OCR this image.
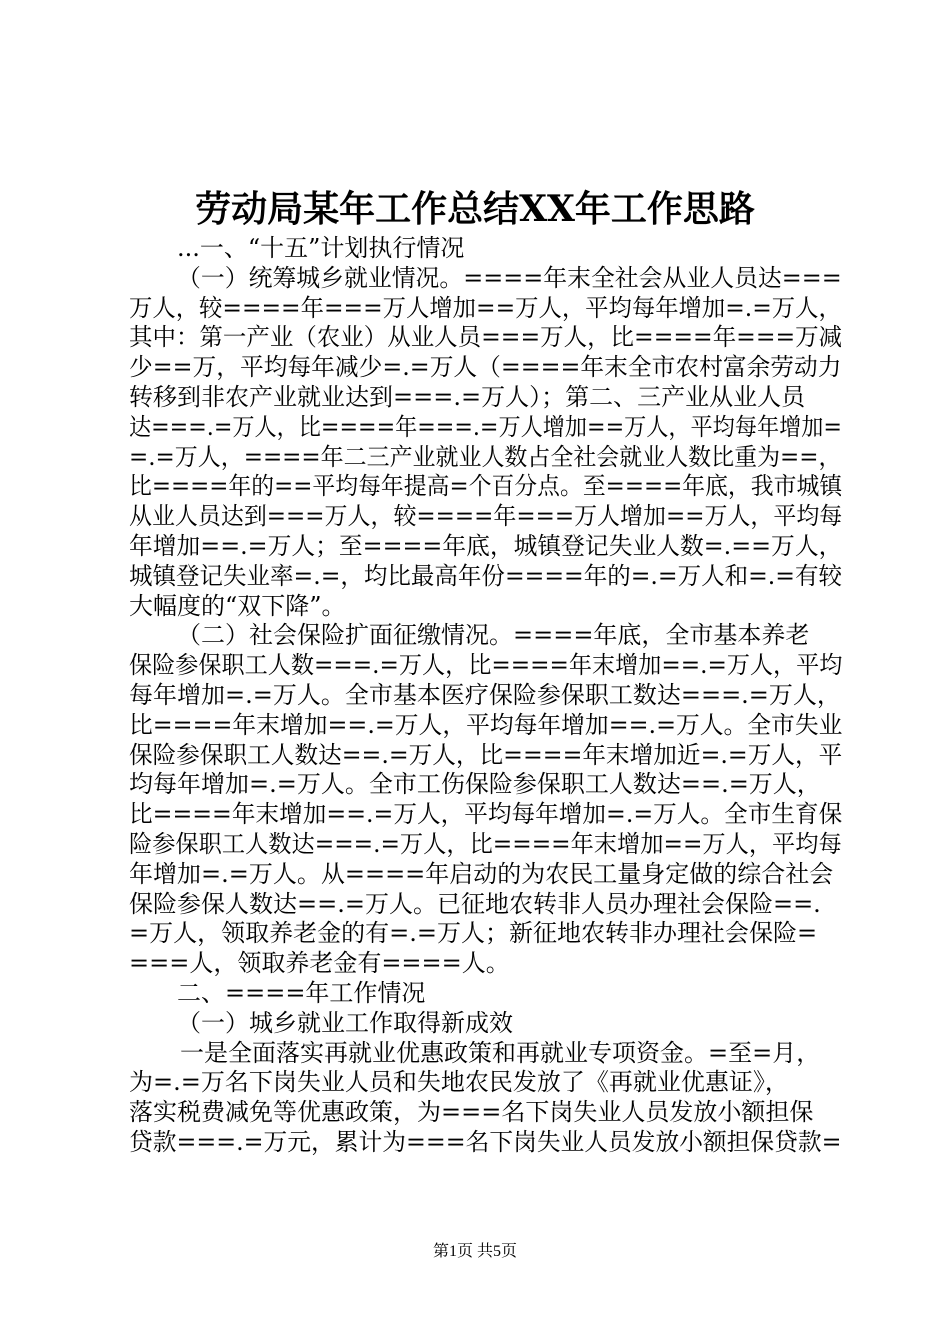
劳动局某年工作总结XX年工作思路
...一、“十五”计划执行情况
（一）统筹城乡就业情况。====年末全社会从业人员达===
万人，较====年===万人增加==万人，平均每年增加=.=万人，
其中：第一产业（农业）从业人员===万人，比====年===万减
少==万，平均每年减少=.=万人（====年末全市农村富余劳动力
转移到非农产业就业达到===.=万人）；第二、三产业从业人员
达===.=万人，比====年===.=万人增加==万人，平均每年增加=
=.=万人，====年二三产业就业人数占全社会就业人数比重为==，
比====年的==平均每年提高=个百分点。至====年底，我市城镇
从业人员达到===万人，较====年===万人增加==万人，平均每
年增加==.=万人；至====年底，城镇登记失业人数=.==万人，
城镇登记失业率=.=，均比最高年份====年的=.=万人和=.=有较
大幅度的“双下降”。
（二）社会保险扩面征缴情况。====年底，全市基本养老
保险参保职工人数===.=万人，比====年末增加==.=万人，平均
每年增加=.=万人。全市基本医疗保险参保职工数达===.=万人，
比====年末增加==.=万人，平均每年增加==.=万人。全市失业
保险参保职工人数达==.=万人，比====年末增加近=.=万人，平
均每年增加=.=万人。全市工伤保险参保职工人数达==.=万人，
比====年末增加==.=万人，平均每年增加=.=万人。全市生育保
险参保职工人数达===.=万人，比====年末增加==万人，平均每
年增加=.=万人。从====年启动的为农民工量身定做的综合社会
保险参保人数达==.=万人。已征地农转非人员办理社会保险==.
=万人，领取养老金的有=.=万人；新征地农转非办理社会保险=
===人，领取养老金有====人。
二、====年工作情况
（一）城乡就业工作取得新成效
一是全面落实再就业优惠政策和再就业专项资金。=至=月，
为=.=万名下岗失业人员和失地农民发放了《再就业优惠证》，
落实税费减免等优惠政策，为===名下岗失业人员发放小额担保
贷款===.=万元，累计为===名下岗失业人员发放小额担保贷款=
第1页 共5页
